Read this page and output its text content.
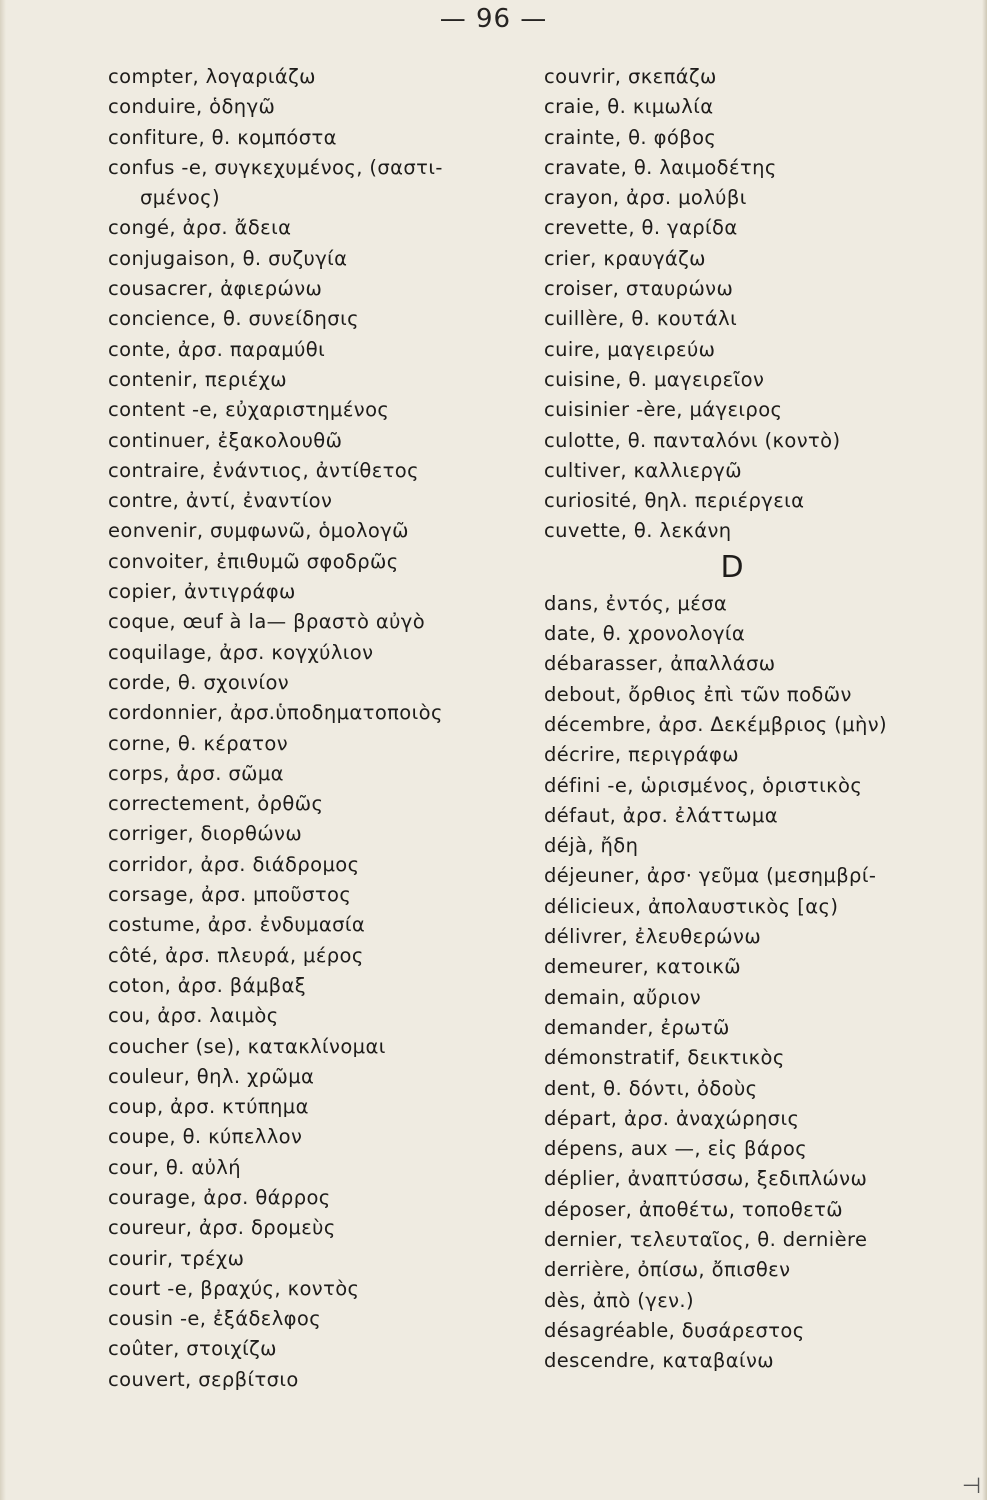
— 96 —
compter, λογαριάζω
conduire, ὁδηγῶ
confiture, θ. κομπόστα
confus -e, συγκεχυμένος, (σαστι-
σμένος)
congé, ἀρσ. ἄδεια
conjugaison, θ. συζυγία
cousacrer, ἀφιερώνω
concience, θ. συνείδησις
conte, ἀρσ. παραμύθι
contenir, περιέχω
content -e, εὐχαριστημένος
continuer, ἐξακολουθῶ
contraire, ἐνάντιος, ἀντίθετος
contre, ἀντί, ἐναντίον
eonvenir, συμφωνῶ, ὁμολογῶ
convoiter, ἐπιθυμῶ σφοδρῶς
copier, ἀντιγράφω
coque, œuf à la— βραστὸ αὐγὸ
coquilage, ἀρσ. κογχύλιον
corde, θ. σχοινίον
cordonnier, ἀρσ.ὑποδηματοποιὸς
corne, θ. κέρατον
corps, ἀρσ. σῶμα
correctement, ὀρθῶς
corriger, διορθώνω
corridor, ἀρσ. διάδρομος
corsage, ἀρσ. μποῦστος
costume, ἀρσ. ἐνδυμασία
côté, ἀρσ. πλευρά, μέρος
coton, ἀρσ. βάμβαξ
cou, ἀρσ. λαιμὸς
coucher (se), κατακλίνομαι
couleur, θηλ. χρῶμα
coup, ἀρσ. κτύπημα
coupe, θ. κύπελλον
cour, θ. αὐλή
courage, ἀρσ. θάρρος
coureur, ἀρσ. δρομεὺς
courir, τρέχω
court -e, βραχύς, κοντὸς
cousin -e, ἐξάδελφος
coûter, στοιχίζω
couvert, σερβίτσιο
couvrir, σκεπάζω
craie, θ. κιμωλία
crainte, θ. φόβος
cravate, θ. λαιμοδέτης
crayon, ἀρσ. μολύβι
crevette, θ. γαρίδα
crier, κραυγάζω
croiser, σταυρώνω
cuillère, θ. κουτάλι
cuire, μαγειρεύω
cuisine, θ. μαγειρεῖον
cuisinier -ère, μάγειρος
culotte, θ. πανταλόνι (κοντὸ)
cultiver, καλλιεργῶ
curiosité, θηλ. περιέργεια
cuvette, θ. λεκάνη
D
dans, ἐντός, μέσα
date, θ. χρονολογία
débarasser, ἀπαλλάσω
debout, ὄρθιος ἐπὶ τῶν ποδῶν
décembre, ἀρσ. Δεκέμβριος (μὴν)
décrire, περιγράφω
défini -e, ὡρισμένος, ὁριστικὸς
défaut, ἀρσ. ἐλάττωμα
déjà, ἤδη
déjeuner, ἀρσ· γεῦμα (μεσημβρί-
délicieux, ἀπολαυστικὸς [ας)
délivrer, ἐλευθερώνω
demeurer, κατοικῶ
demain, αὔριον
demander, ἐρωτῶ
démonstratif, δεικτικὸς
dent, θ. δόντι, ὀδοὺς
départ, ἀρσ. ἀναχώρησις
dépens, aux —, εἰς βάρος
déplier, ἀναπτύσσω, ξεδιπλώνω
déposer, ἀποθέτω, τοποθετῶ
dernier, τελευταῖος, θ. dernière
derrière, ὀπίσω, ὄπισθεν
dès, ἀπὸ (γεν.)
désagréable, δυσάρεστος
descendre, καταβαίνω
⊣
